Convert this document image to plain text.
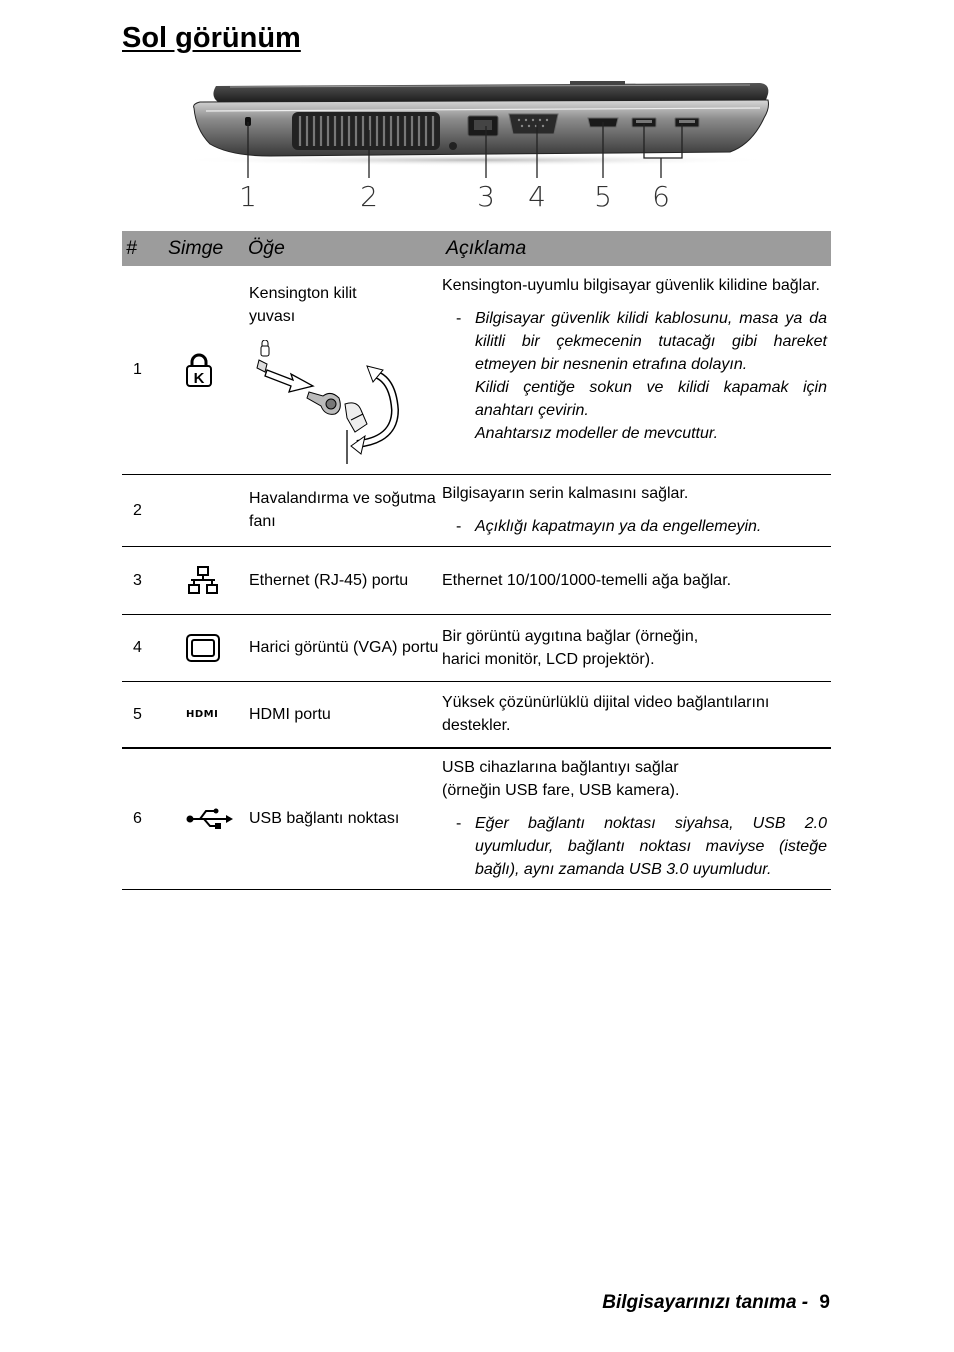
Sol görünüm
1	2	3 4 5 6
#	Simge	Öğe	Açıklama
1	K	Kensington kilit yuvası	Kensington-uyumlu bilgisayar güvenlik kilidine bağlar.
- Bilgisayar güvenlik kilidi kablosunu, masa ya da kilitli bir çekmecenin tutacağı gibi hareket etmeyen bir nesnenin etrafına dolayın.
Kilidi çentiğe sokun ve kilidi kapamak için anahtarı çevirin.
Anahtarsız modeller de mevcuttur.

2		Havalandırma ve soğutma fanı	Bilgisayarın serin kalmasını sağlar.
- Açıklığı kapatmayın ya da engellemeyin.

3		Ethernet (RJ-45) portu	Ethernet 10/100/1000-temelli ağa bağlar.
4		Harici görüntü (VGA) portu	Bir görüntü aygıtına bağlar (örneğin,
harici monitör, LCD projektör).

5	HDMI	HDMI portu	Yüksek çözünürlüklü dijital video bağlantılarını destekler.
6		USB bağlantı noktası	USB cihazlarına bağlantıyı sağlar
(örneğin USB fare, USB kamera).
- Eğer bağlantı noktası siyahsa, USB 2.0 uyumludur, bağlantı noktası maviyse (isteğe bağlı), aynı zamanda USB 3.0 uyumludur.
Bilgisayarınızı tanıma - 9
